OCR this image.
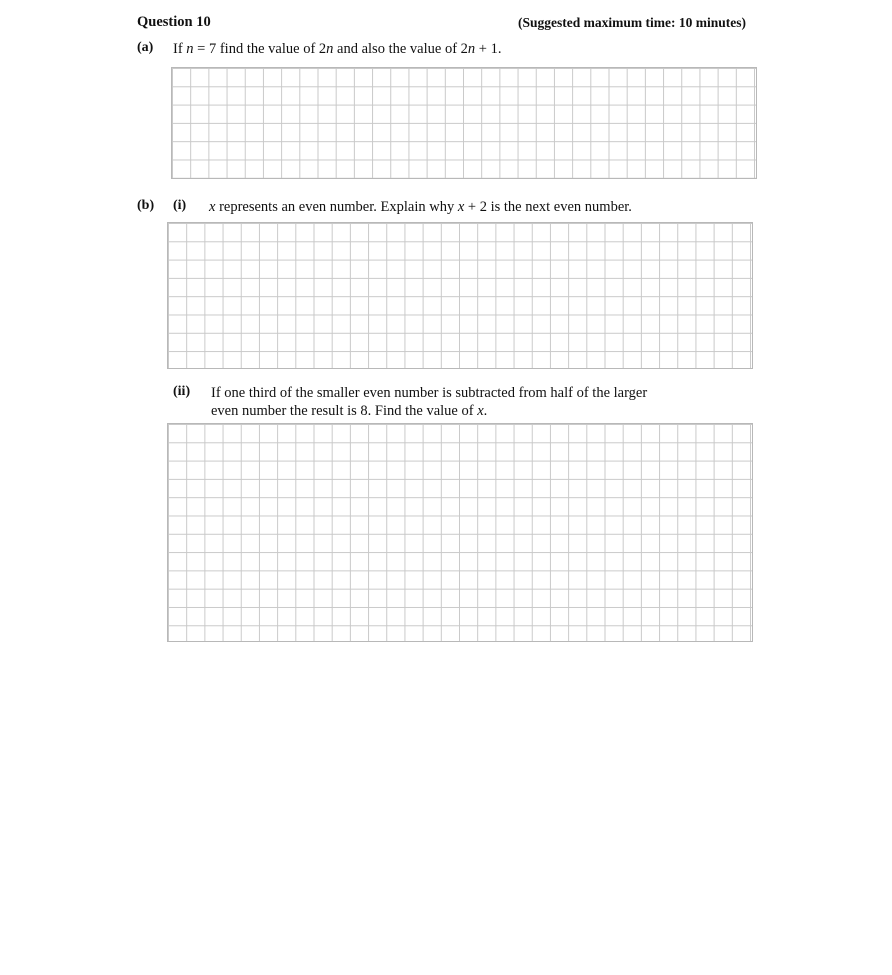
Question 10	(Suggested maximum time: 10 minutes)
(a) If n = 7 find the value of 2n and also the value of 2n + 1.
(b) (i) x represents an even number. Explain why x + 2 is the next even number.
(ii) If one third of the smaller even number is subtracted from half of the larger
even number the result is 8. Find the value of x.
